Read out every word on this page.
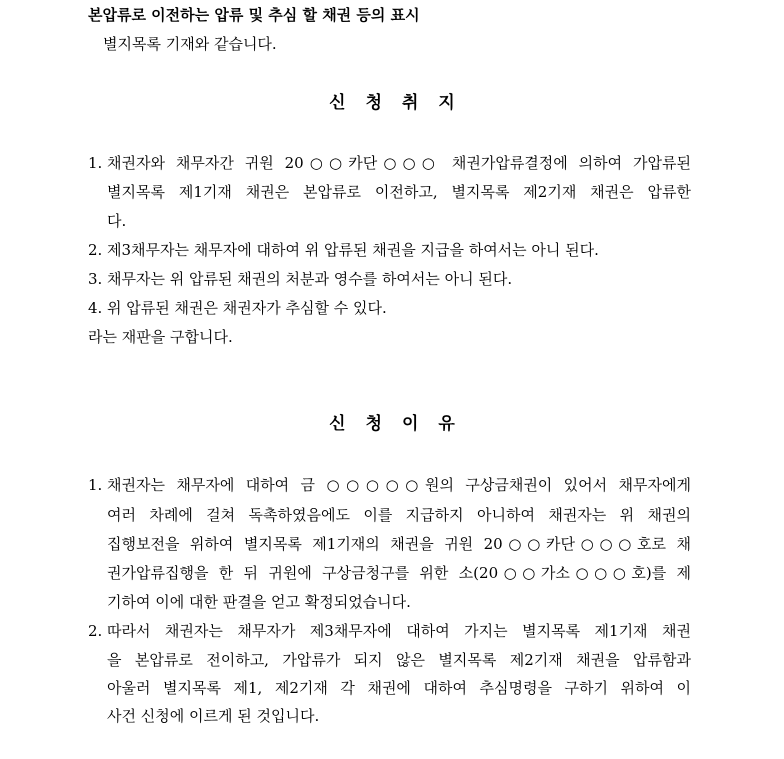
본압류로 이전하는 압류 및 추심 할 채권 등의 표시
별지목록 기재와 같습니다.
신청취지
1. 채권자와 채무자간 귀원 20○○카단○○○ 채권가압류결정에 의하여 가압류된
별지목록 제1기재 채권은 본압류로 이전하고, 별지목록 제2기재 채권은 압류한
다.
2. 제3채무자는 채무자에 대하여 위 압류된 채권을 지급을 하여서는 아니 된다.
3. 채무자는 위 압류된 채권의 처분과 영수를 하여서는 아니 된다.
4. 위 압류된 채권은 채권자가 추심할 수 있다.
라는 재판을 구합니다.
신청이유
1. 채권자는 채무자에 대하여 금 ○○○○○원의 구상금채권이 있어서 채무자에게
여러 차례에 걸쳐 독촉하였음에도 이를 지급하지 아니하여 채권자는 위 채권의
집행보전을 위하여 별지목록 제1기재의 채권을 귀원 20○○카단○○○호로 채
권가압류집행을 한 뒤 귀원에 구상금청구를 위한 소(20○○가소○○○호)를 제
기하여 이에 대한 판결을 얻고 확정되었습니다.
2. 따라서 채권자는 채무자가 제3채무자에 대하여 가지는 별지목록 제1기재 채권
을 본압류로 전이하고, 가압류가 되지 않은 별지목록 제2기재 채권을 압류함과
아울러 별지목록 제1, 제2기재 각 채권에 대하여 추심명령을 구하기 위하여 이
사건 신청에 이르게 된 것입니다.
